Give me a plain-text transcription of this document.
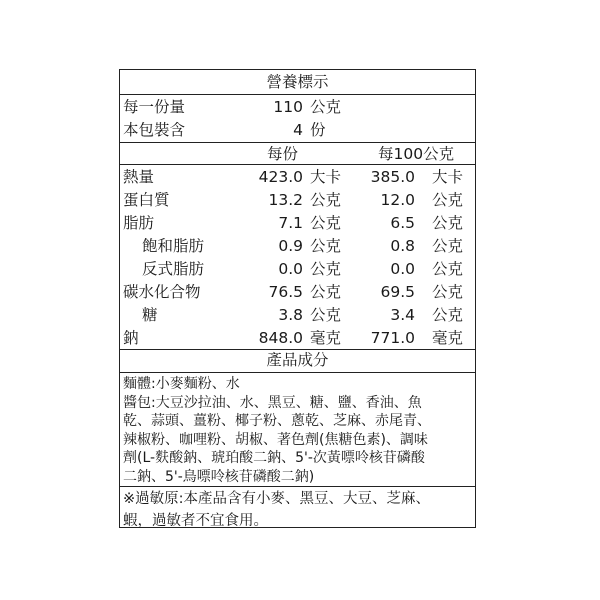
營養標示
每一份量	110 公克
本包裝含	4 份
每份	每100公克
熱量	423.0 大卡	385.0 大卡
蛋白質	13.2 公克	12.0 公克
脂肪	7.1 公克	6.5 公克
飽和脂肪	0.9 公克	0.8 公克
反式脂肪	0.0 公克	0.0 公克
碳水化合物	76.5 公克	69.5 公克
糖	3.8 公克	3.4 公克
鈉	848.0 毫克	771.0 毫克
產品成分
麵體:小麥麵粉、水
醬包:大豆沙拉油、水、黑豆、糖、鹽、香油、魚
乾、蒜頭、薑粉、椰子粉、蔥乾、芝麻、赤尾青、
辣椒粉、咖哩粉、胡椒、著色劑(焦糖色素)、調味
劑(L-麩酸鈉、琥珀酸二鈉、5'-次黃嘌呤核苷磷酸
二鈉、5'-鳥嘌呤核苷磷酸二鈉)
※過敏原:本產品含有小麥、黑豆、大豆、芝麻、
蝦，過敏者不宜食用。
